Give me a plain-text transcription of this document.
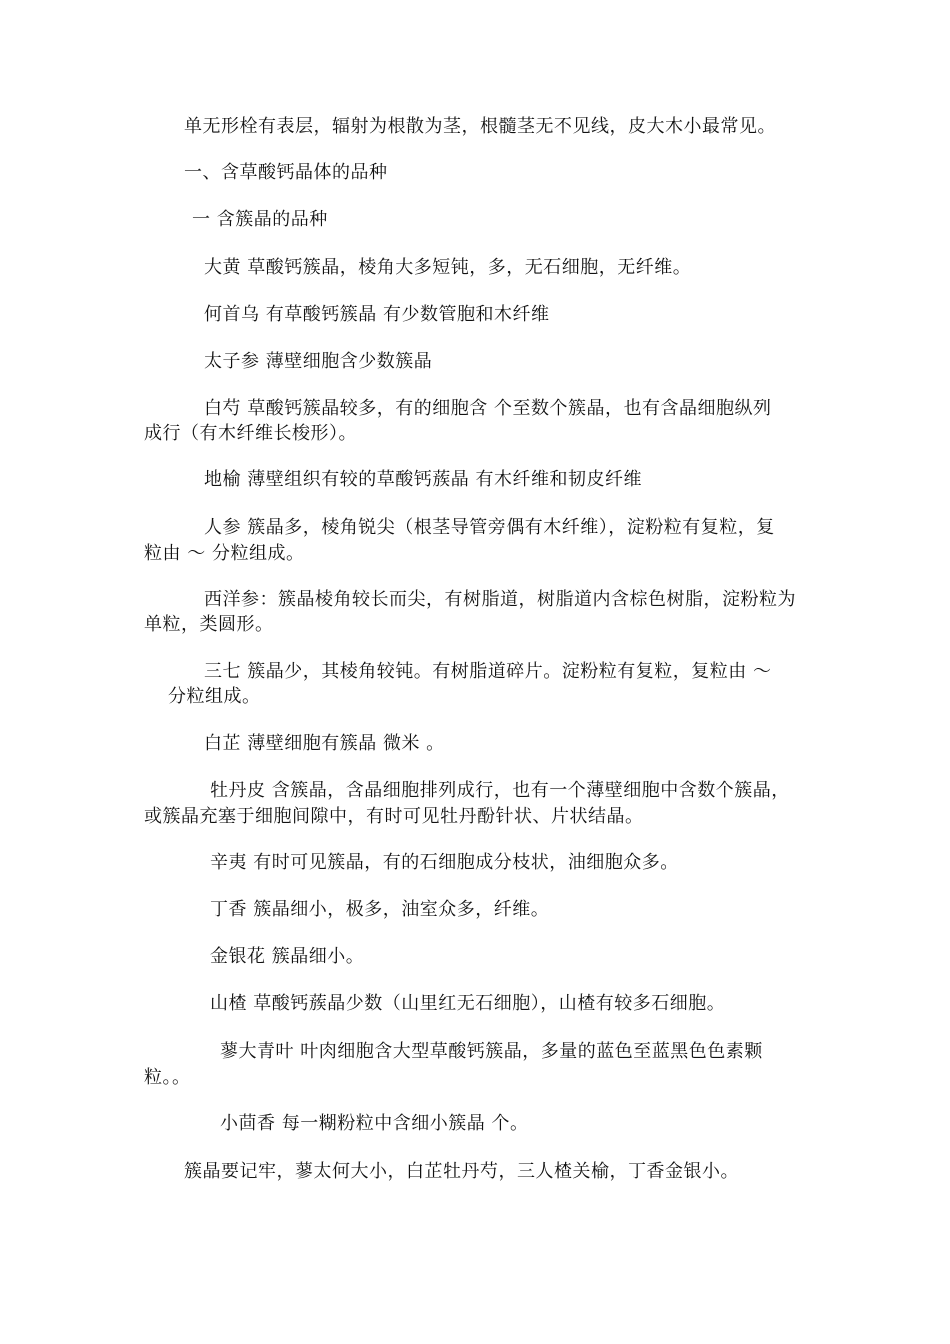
单无形栓有表层，辐射为根散为茎，根髓茎无不见线，皮大木小最常见。
一、含草酸钙晶体的品种
一 含簇晶的品种
大黄 草酸钙簇晶，棱角大多短钝，多，无石细胞，无纤维。
何首乌 有草酸钙簇晶 有少数管胞和木纤维
太子参 薄壁细胞含少数簇晶
白芍 草酸钙簇晶较多，有的细胞含 个至数个簇晶，也有含晶细胞纵列
成行（有木纤维长梭形）。
地榆 薄壁组织有较的草酸钙蔟晶 有木纤维和韧皮纤维
人参 簇晶多，棱角锐尖（根茎导管旁偶有木纤维），淀粉粒有复粒，复
粒由 ～ 分粒组成。
西洋参：簇晶棱角较长而尖，有树脂道，树脂道内含棕色树脂，淀粉粒为
单粒，类圆形。
三七 簇晶少，其棱角较钝。有树脂道碎片。淀粉粒有复粒，复粒由 ～
分粒组成。
白芷 薄壁细胞有簇晶 微米 。
牡丹皮 含簇晶，含晶细胞排列成行，也有一个薄壁细胞中含数个簇晶，
或簇晶充塞于细胞间隙中，有时可见牡丹酚针状、片状结晶。
辛夷 有时可见簇晶，有的石细胞成分枝状，油细胞众多。
丁香 簇晶细小，极多，油室众多，纤维。
金银花 簇晶细小。
山楂 草酸钙蔟晶少数（山里红无石细胞），山楂有较多石细胞。
蓼大青叶 叶肉细胞含大型草酸钙簇晶，多量的蓝色至蓝黑色色素颗
粒。。
小茴香 每一糊粉粒中含细小簇晶 个。
簇晶要记牢，蓼太何大小，白芷牡丹芍，三人楂关榆，丁香金银小。
